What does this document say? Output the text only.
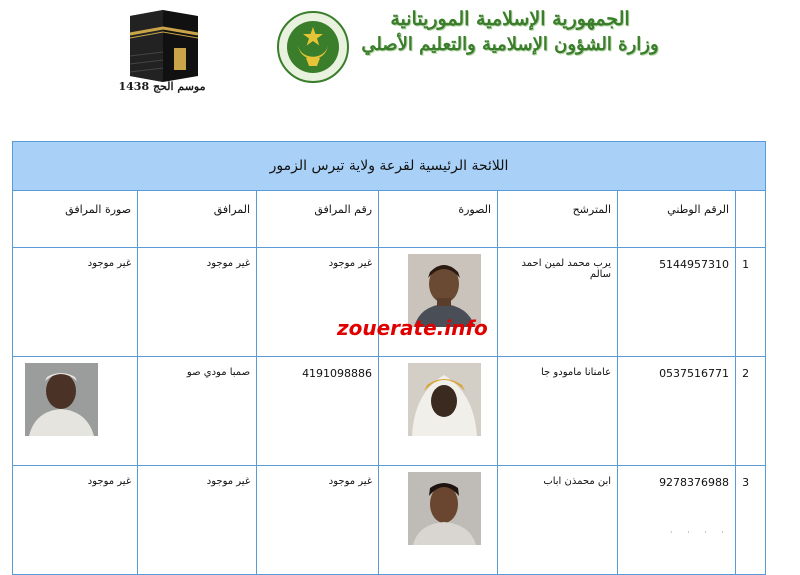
موسم الحج 1438
الجمهورية الإسلامية الموريتانية
وزارة الشؤون الإسلامية والتعليم الأصلي
اللائحة الرئيسية لقرعة ولاية تيرس الزمور						
	الرقم الوطني	المترشح	الصورة	رقم المرافق	المرافق	صورة المرافق
1	5144957310	يرب محمد لمين احمد سالم		غير موجود	غير موجود	غير موجود
2	0537516771	عامنانا مامودو جا		4191098886	صمبا مودي صو	

3	9278376988	ابن محمذن اباب		غير موجود	غير موجود	غير موجود
zouerate.info
· · · ·
